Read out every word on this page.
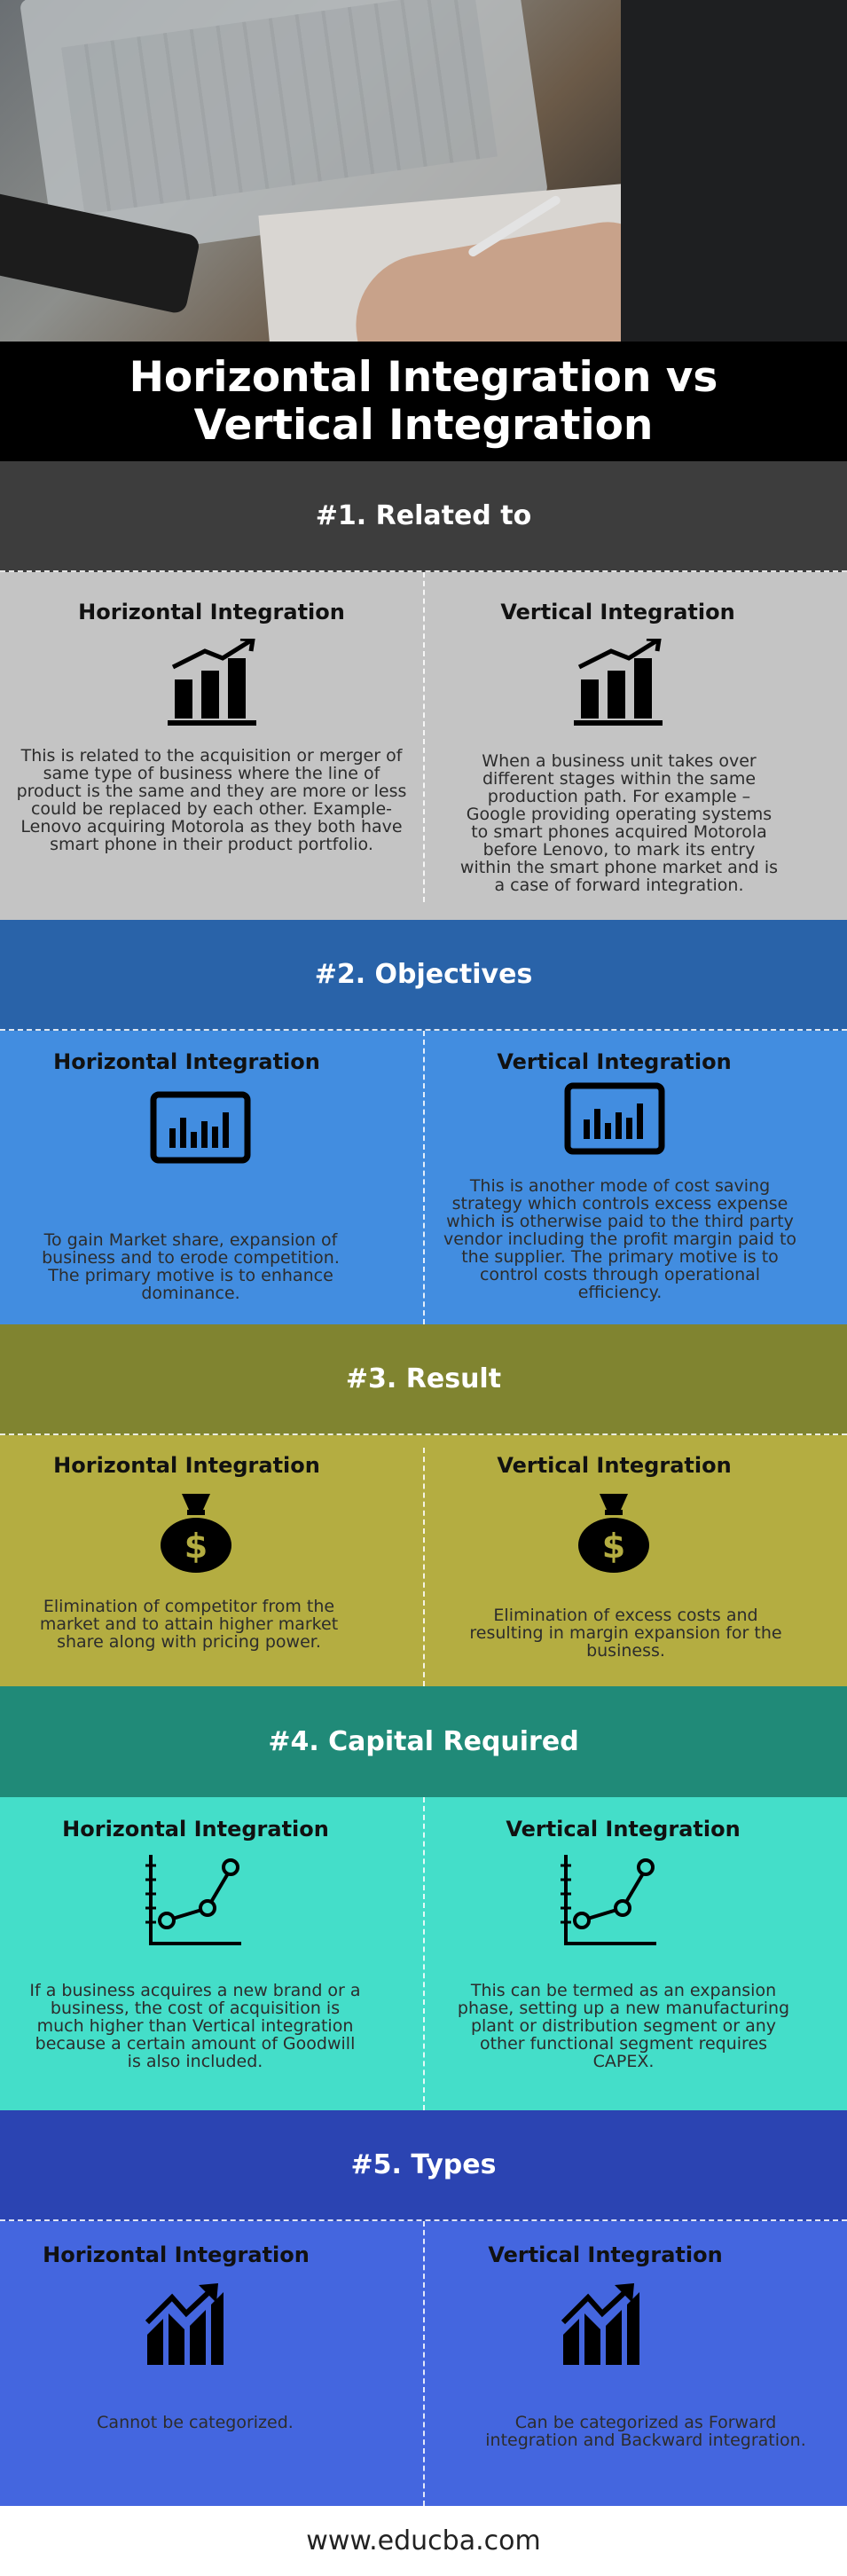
Horizontal Integration vs Vertical Integration
#1. Related to
Horizontal Integration
This is related to the acquisition or merger of same type of business where the line of product is the same and they are more or less could be replaced by each other. Example- Lenovo acquiring Motorola as they both have smart phone in their product portfolio.
Vertical Integration
When a business unit takes over different stages within the same production path. For example – Google providing operating systems to smart phones acquired Motorola before Lenovo, to mark its entry within the smart phone market and is a case of forward integration.
#2. Objectives
Horizontal Integration
To gain Market share, expansion of business and to erode competition. The primary motive is to enhance dominance.
Vertical Integration
This is another mode of cost saving strategy which controls excess expense which is otherwise paid to the third party vendor including the profit margin paid to the supplier. The primary motive is to control costs through operational efficiency.
#3. Result
Horizontal Integration
$
Elimination of competitor from the market and to attain higher market share along with pricing power.
Vertical Integration
$
Elimination of excess costs and resulting in margin expansion for the business.
#4. Capital Required
Horizontal Integration
If a business acquires a new brand or a business, the cost of acquisition is much higher than Vertical integration because a certain amount of Goodwill is also included.
Vertical Integration
This can be termed as an expansion phase, setting up a new manufacturing plant or distribution segment or any other functional segment requires CAPEX.
#5. Types
Horizontal Integration
Cannot be categorized.
Vertical Integration
Can be categorized as Forward integration and Backward integration.
www.educba.com
